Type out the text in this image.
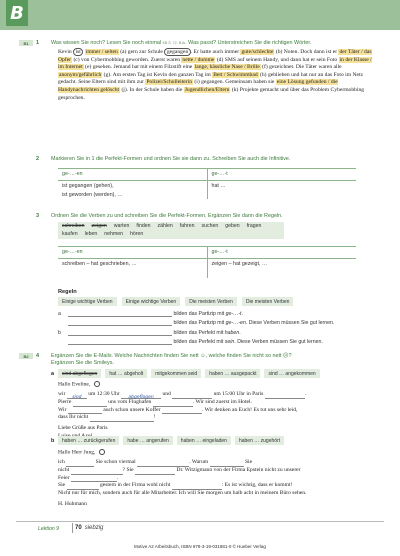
B
B1	1 Was wissen Sie noch? Lesen Sie noch einmal KB S. 72, B1b. Was passt? Unterstreichen Sie die richtigen Wörter.
Kevin ist immer / selten (a) gern zur Schule gegangen . Er hatte auch immer gute/schlechte (b) Noten. Doch dann ist er der Täter / das Opfer (c) von Cybermobbing geworden. Zuerst waren nette / dumme (d) SMS auf seinem Handy, und dann hat er sein Foto in der Klasse / im Internet (e) gesehen. Jemand hat mit einem Filzstift eine lange, hässliche Nase / Brille (f) gezeichnet. Die Täter waren alle anonym/gefährlich (g). Am ersten Tag ist Kevin den ganzen Tag im Bett / Schwimmbad (h) geblieben und hat nur an das Foto im Netz gedacht. Seine Eltern sind mit ihm zur Polizei/Schulleiterin (i) gegangen. Gemeinsam haben sie eine Lösung gefunden / die Handynachrichten gelöscht (j). In der Schule haben die Jugendlichen/Eltern (k) Projekte gemacht und über das Problem Cybermobbing gesprochen.
2 Markieren Sie in 1 die Perfekt-Formen und ordnen Sie sie dann zu. Schreiben Sie auch die Infinitive.
ge-…-en	ge-…-t
ist gegangen (gehen),	hat …
ist geworden (werden), …
3 Ordnen Sie die Verben zu und schreiben Sie die Perfekt-Formen. Ergänzen Sie dann die Regeln.
schreiben zeigen warten finden zählen fahren suchen geben fragen
kaufen leben nehmen hören
ge-…-en	ge-…-t
schreiben – hat geschrieben, …	zeigen – hat gezeigt, …
Regeln
Einige wichtige Verben	Einige wichtige Verben	Die meisten Verben	Die meisten Verben
a	bilden das Partizip mit ge-…-t.
bilden das Partizip mit ge-…-en. Diese Verben müssen Sie gut lernen.
b	bilden das Perfekt mit haben.
bilden das Perfekt mit sein. Diese Verben müssen Sie gut lernen.
B2	4 Ergänzen Sie die E-Mails. Welche Nachrichten finden Sie nett ☺, welche finden Sie nicht so nett ☹?
Ergänzen Sie die Smileys.
a	sind abgeflogen	hat … abgeholt	mitgekommen seid	haben … ausgepackt	sind … angekommen
Hallo Eveline,
wir sind um 12:30 Uhr abgeflogen und	um 15:00 Uhr in Paris	.
Pierre	uns vom Flughafen	. Wir sind zuerst im Hotel.
Wir	auch schon unsere Koffer	. Wir denken an Euch! Es tut uns sehr leid,
dass Ihr nicht	!
Liebe Grüße aus Paris
b	haben … zurückgerufen	habe … angerufen	haben … eingeladen	haben … zugehört
Hallo Herr Jung,
ich	Sie schon viermal	. Warum	Sie
nicht	? Sie	Dr. Witzigmann von der Firma Epstein nicht zu unserer
Feier	.
Sie	gestern in der Firma wohl nicht	: Es ist wichtig, dass er kommt!
Nicht nur für mich, sondern auch für alle Mitarbeiter. Ich will Sie morgen um halb acht in meinem Büro sehen.
H. Huhmann
Lektion 9	70 siebzig
Motive A2 Arbeitsbuch, ISBN 978-3-19-031881-0 © Hueber Verlag
